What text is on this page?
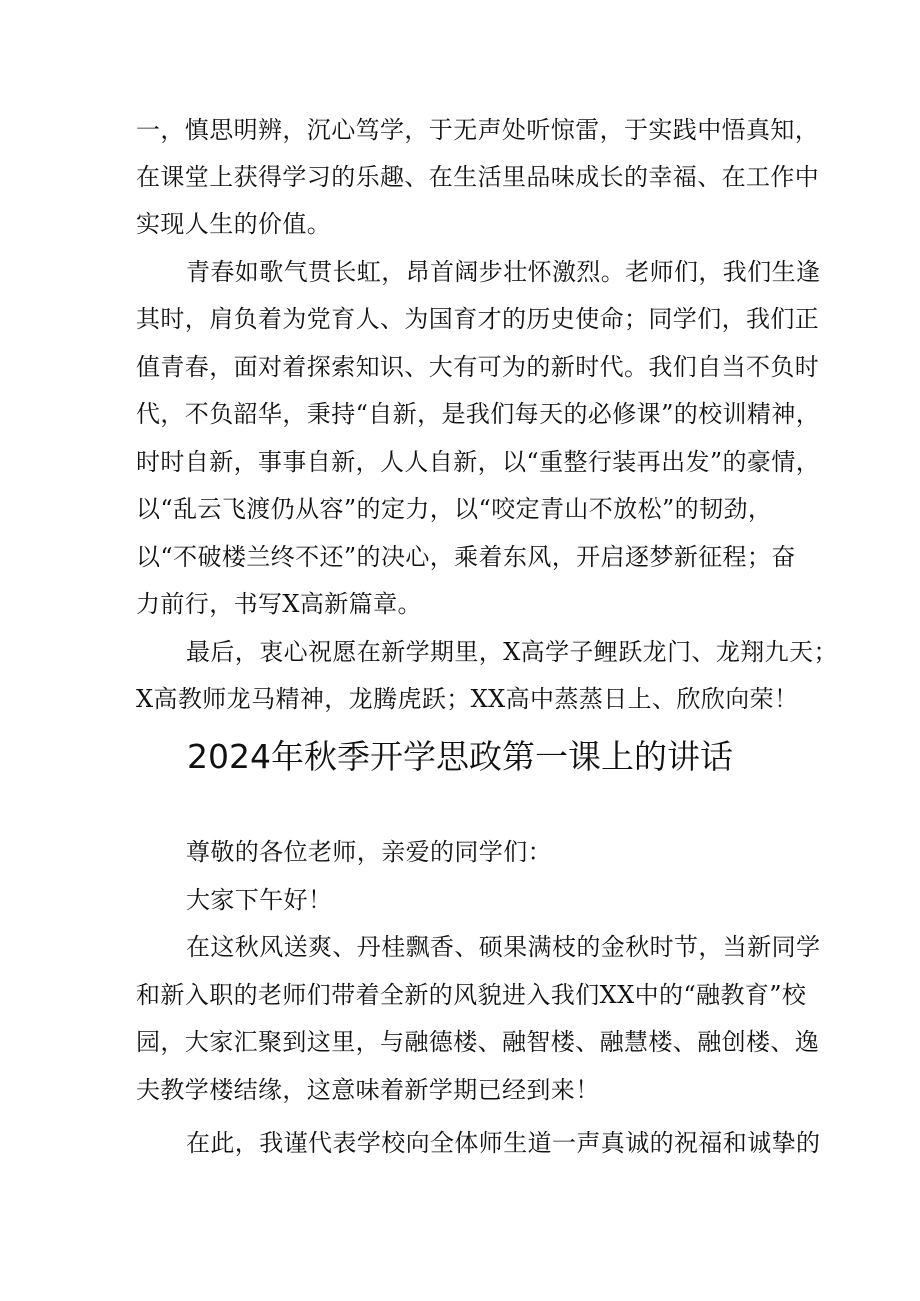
一，慎思明辨，沉心笃学，于无声处听惊雷，于实践中悟真知，
在课堂上获得学习的乐趣、在生活里品味成长的幸福、在工作中
实现人生的价值。
青春如歌气贯长虹，昂首阔步壮怀激烈。老师们，我们生逢
其时，肩负着为党育人、为国育才的历史使命；同学们，我们正
值青春，面对着探索知识、大有可为的新时代。我们自当不负时
代，不负韶华，秉持“自新，是我们每天的必修课”的校训精神，
时时自新，事事自新，人人自新，以“重整行装再出发”的豪情，
以“乱云飞渡仍从容”的定力，以“咬定青山不放松”的韧劲，
以“不破楼兰终不还”的决心，乘着东风，开启逐梦新征程；奋
力前行，书写X高新篇章。
最后，衷心祝愿在新学期里，X高学子鲤跃龙门、龙翔九天；
X高教师龙马精神，龙腾虎跃；XX高中蒸蒸日上、欣欣向荣！
2024年秋季开学思政第一课上的讲话
尊敬的各位老师，亲爱的同学们：
大家下午好！
在这秋风送爽、丹桂飘香、硕果满枝的金秋时节，当新同学
和新入职的老师们带着全新的风貌进入我们XX中的“融教育”校
园，大家汇聚到这里，与融德楼、融智楼、融慧楼、融创楼、逸
夫教学楼结缘，这意味着新学期已经到来！
在此，我谨代表学校向全体师生道一声真诚的祝福和诚挚的
